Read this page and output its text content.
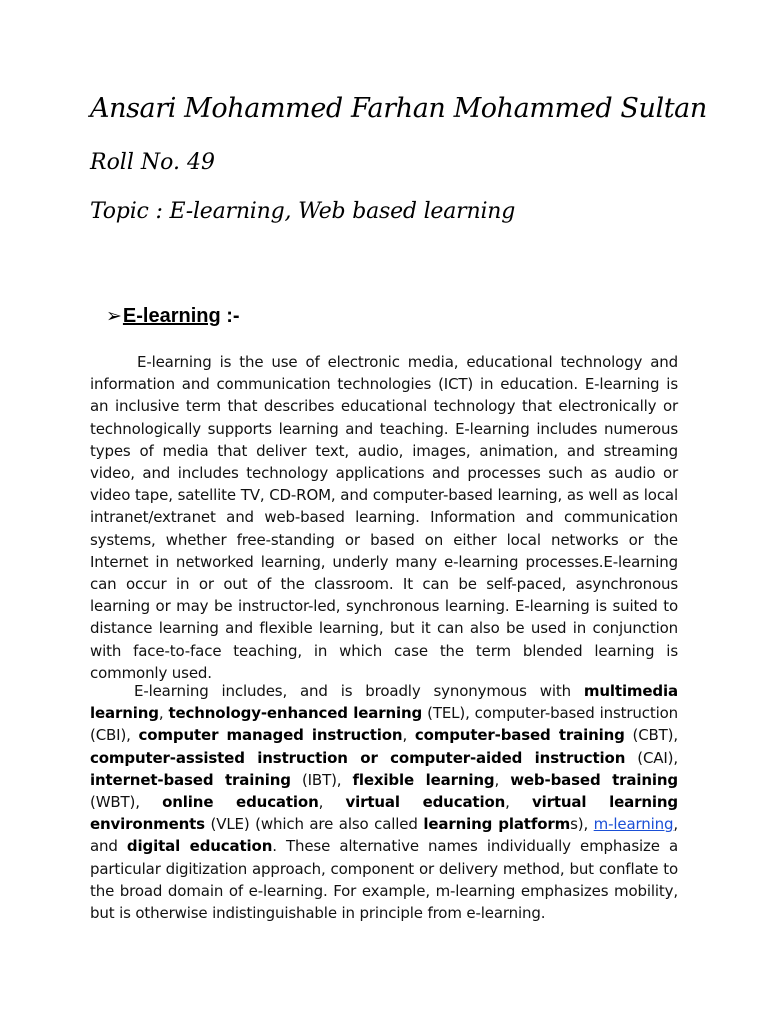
Ansari Mohammed Farhan Mohammed Sultan
Roll No. 49
Topic : E-learning, Web based learning
➢E-learning :-

E-learning is the use of electronic media, educational technology and information and communication technologies (ICT) in education. E-learning is an inclusive term that describes educational technology that electronically or technologically supports learning and teaching. E-learning includes numerous types of media that deliver text, audio, images, animation, and streaming video, and includes technology applications and processes such as audio or video tape, satellite TV, CD-ROM, and computer-based learning, as well as local intranet/extranet and web-based learning. Information and communication systems, whether free-standing or based on either local networks or the Internet in networked learning, underly many e-learning processes.E-learning can occur in or out of the classroom. It can be self-paced, asynchronous learning or may be instructor-led, synchronous learning. E-learning is suited to distance learning and flexible learning, but it can also be used in conjunction with face-to-face teaching, in which case the term blended learning is commonly used.

E-learning includes, and is broadly synonymous with multimedia learning, technology-enhanced learning (TEL), computer-based instruction (CBI), computer managed instruction, computer-based training (CBT), computer-assisted instruction or computer-aided instruction (CAI), internet-based training (IBT), flexible learning, web-based training (WBT), online education, virtual education, virtual learning environments (VLE) (which are also called learning platforms), m-learning, and digital education. These alternative names individually emphasize a particular digitization approach, component or delivery method, but conflate to the broad domain of e-learning. For example, m-learning emphasizes mobility, but is otherwise indistinguishable in principle from e-learning.
